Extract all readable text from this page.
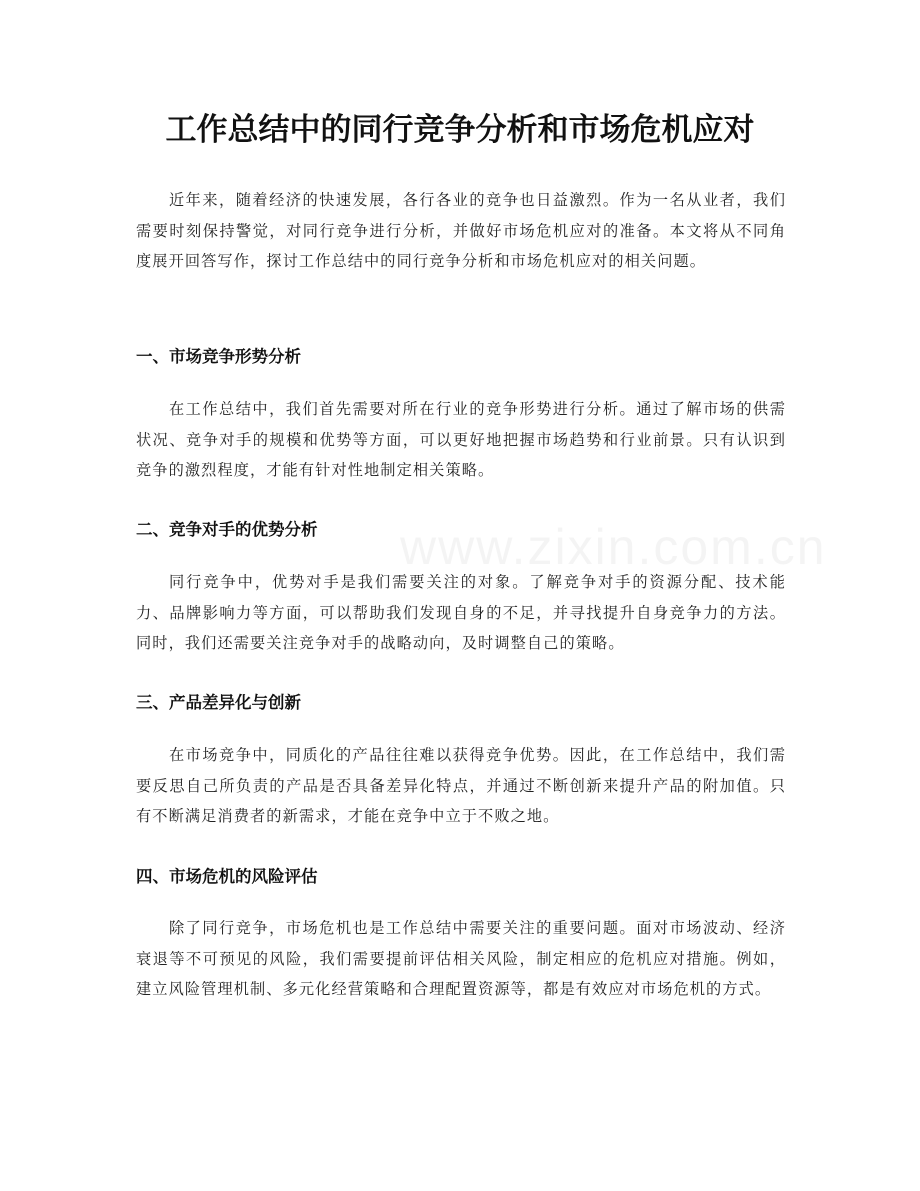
工作总结中的同行竞争分析和市场危机应对

近年来，随着经济的快速发展，各行各业的竞争也日益激烈。作为一名从业者，我们需要时刻保持警觉，对同行竞争进行分析，并做好市场危机应对的准备。本文将从不同角度展开回答写作，探讨工作总结中的同行竞争分析和市场危机应对的相关问题。

一、市场竞争形势分析

在工作总结中，我们首先需要对所在行业的竞争形势进行分析。通过了解市场的供需状况、竞争对手的规模和优势等方面，可以更好地把握市场趋势和行业前景。只有认识到竞争的激烈程度，才能有针对性地制定相关策略。

二、竞争对手的优势分析

同行竞争中，优势对手是我们需要关注的对象。了解竞争对手的资源分配、技术能力、品牌影响力等方面，可以帮助我们发现自身的不足，并寻找提升自身竞争力的方法。同时，我们还需要关注竞争对手的战略动向，及时调整自己的策略。

三、产品差异化与创新

在市场竞争中，同质化的产品往往难以获得竞争优势。因此，在工作总结中，我们需要反思自己所负责的产品是否具备差异化特点，并通过不断创新来提升产品的附加值。只有不断满足消费者的新需求，才能在竞争中立于不败之地。

四、市场危机的风险评估

除了同行竞争，市场危机也是工作总结中需要关注的重要问题。面对市场波动、经济衰退等不可预见的风险，我们需要提前评估相关风险，制定相应的危机应对措施。例如，建立风险管理机制、多元化经营策略和合理配置资源等，都是有效应对市场危机的方式。
